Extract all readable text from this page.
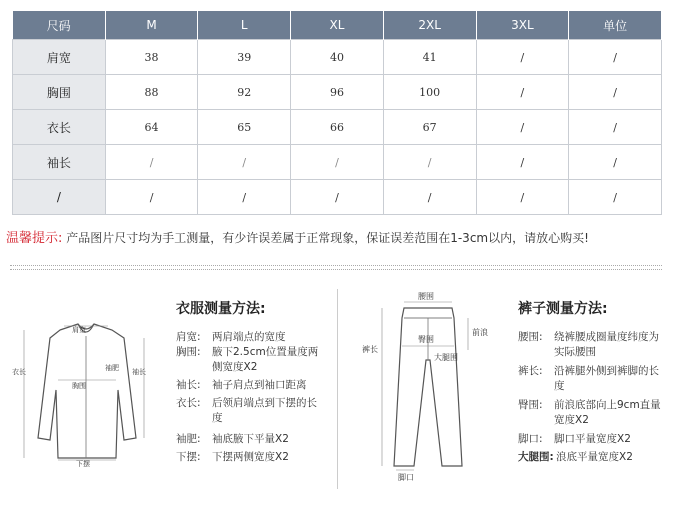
尺码	M	L	XL	2XL	3XL	单位
肩宽	38	39	40	41	/	/
胸围	88	92	96	100	/	/
衣长	64	65	66	67	/	/
袖长	/	/	/	/	/	/
/	/	/	/	/	/	/
温馨提示: 产品图片尺寸均为手工测量，有少许误差属于正常现象，保证误差范围在1-3cm以内，请放心购买!
肩宽
袖肥
胸围
衣长	袖长
下摆
衣服测量方法:
肩宽:	两肩端点的宽度
胸围:	腋下2.5cm位置量度两侧宽度X2
袖长:	袖子肩点到袖口距离
衣长:	后领肩端点到下摆的长度
袖肥:	袖底腋下平量X2
下摆:	下摆两侧宽度X2
腰围
前浪
臀围
裤长
大腿围
脚口
裤子测量方法:
腰围:	绕裤腰成圈量度纬度为实际腰围
裤长:	沿裤腿外侧到裤脚的长度
臀围:	前浪底部向上9cm直量宽度X2
脚口:	脚口平量宽度X2
大腿围: 浪底平量宽度X2
